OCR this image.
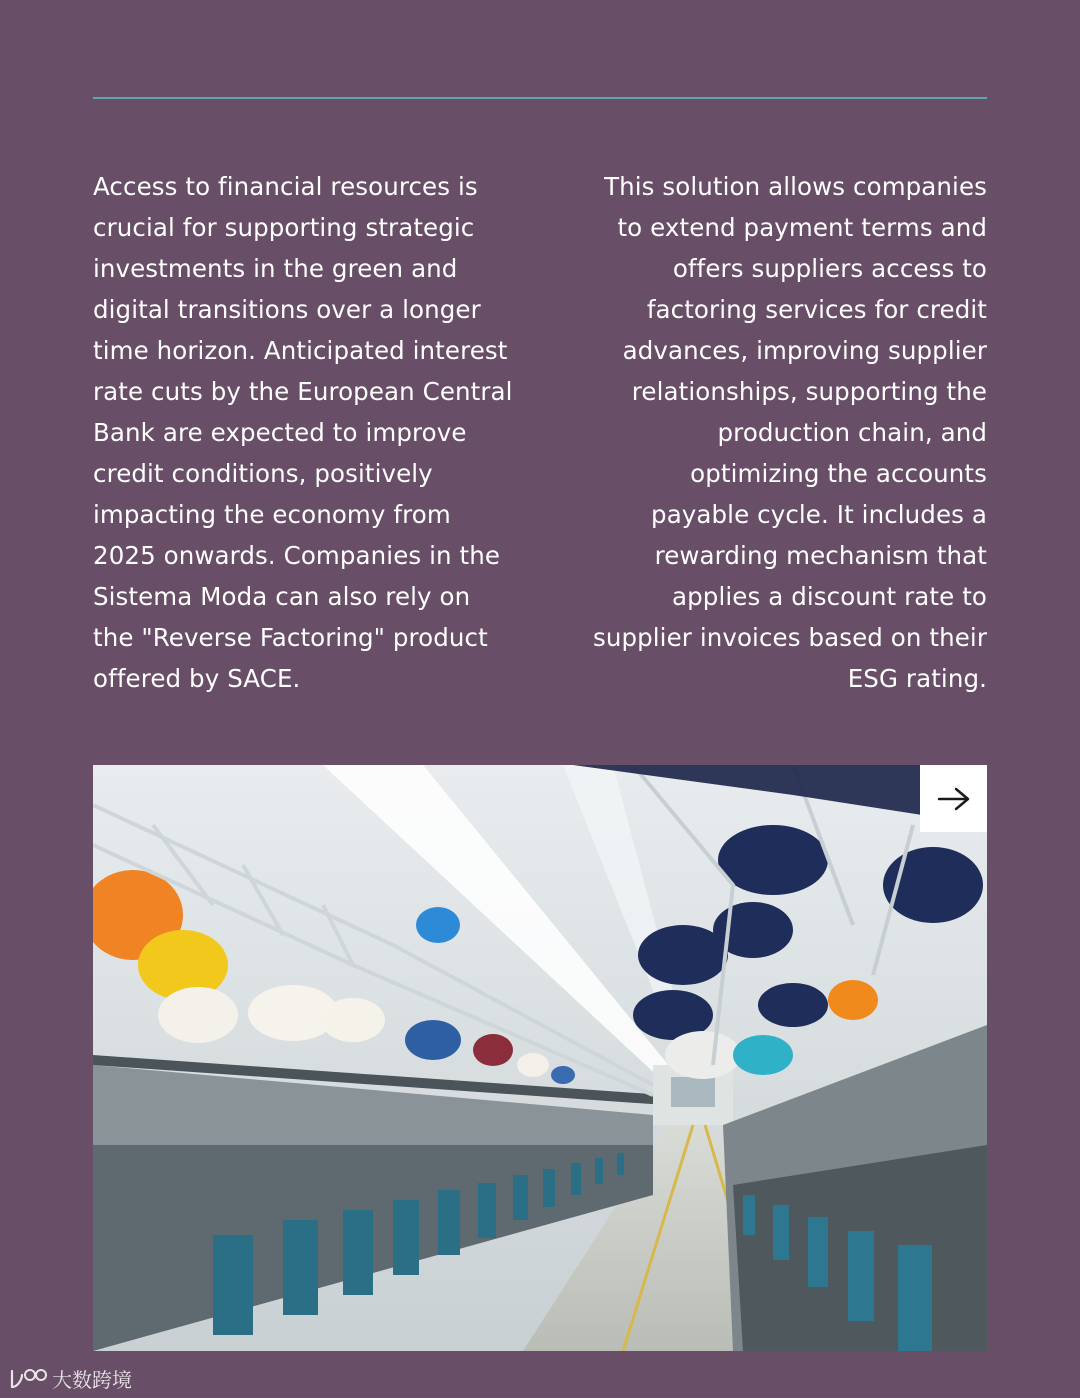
Access to financial resources is
crucial for supporting strategic
investments in the green and
digital transitions over a longer
time horizon. Anticipated interest
rate cuts by the European Central
Bank are expected to improve
credit conditions, positively
impacting the economy from
2025 onwards. Companies in the
Sistema Moda can also rely on
the "Reverse Factoring" product
offered by SACE.
This solution allows companies
to extend payment terms and
offers suppliers access to
factoring services for credit
advances, improving supplier
relationships, supporting the
production chain, and
optimizing the accounts
payable cycle. It includes a
rewarding mechanism that
applies a discount rate to
supplier invoices based on their
ESG rating.
大数跨境
